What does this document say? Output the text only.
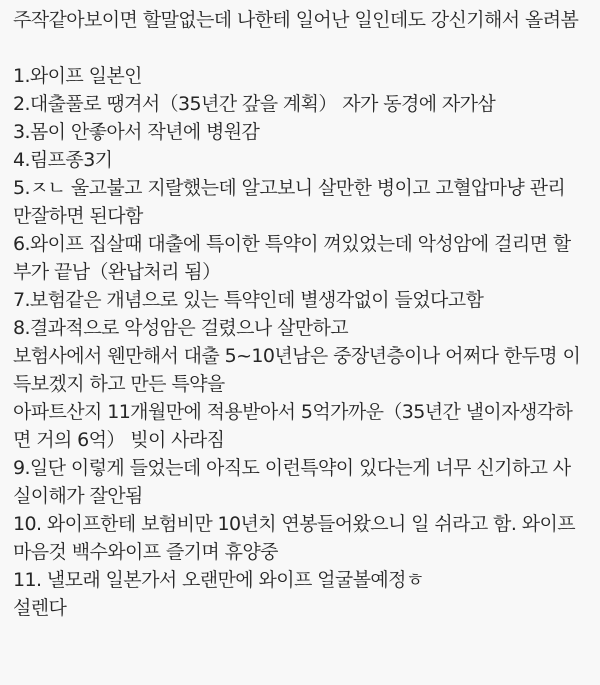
주작같아보이면 할말없는데 나한테 일어난 일인데도 강신기해서 올려봄

1.와이프 일본인

2.대출풀로 땡겨서（35년간 갚을 계획） 자가 동경에 자가삼

3.몸이 안좋아서 작년에 병원감

4.림프종3기

5.ㅈㄴ 울고불고 지랄했는데 알고보니 살만한 병이고 고혈압마냥 관리

만잘하면 된다함

6.와이프 집살때 대출에 특이한 특약이 껴있었는데 악성암에 걸리면 할

부가 끝남（완납처리 됨）

7.보험같은 개념으로 있는 특약인데 별생각없이 들었다고함

8.결과적으로 악성암은 걸렸으나 살만하고

보험사에서 웬만해서 대출 5~10년남은 중장년층이나 어쩌다 한두명 이

득보겠지 하고 만든 특약을

아파트산지 11개월만에 적용받아서 5억가까운（35년간 낼이자생각하

면 거의 6억） 빚이 사라짐

9.일단 이렇게 들었는데 아직도 이런특약이 있다는게 너무 신기하고 사

실이해가 잘안됨

10. 와이프한테 보험비만 10년치 연봉들어왔으니 일 쉬라고 함. 와이프

마음것 백수와이프 즐기며 휴양중

11. 낼모래 일본가서 오랜만에 와이프 얼굴볼예정ㅎ

설렌다
